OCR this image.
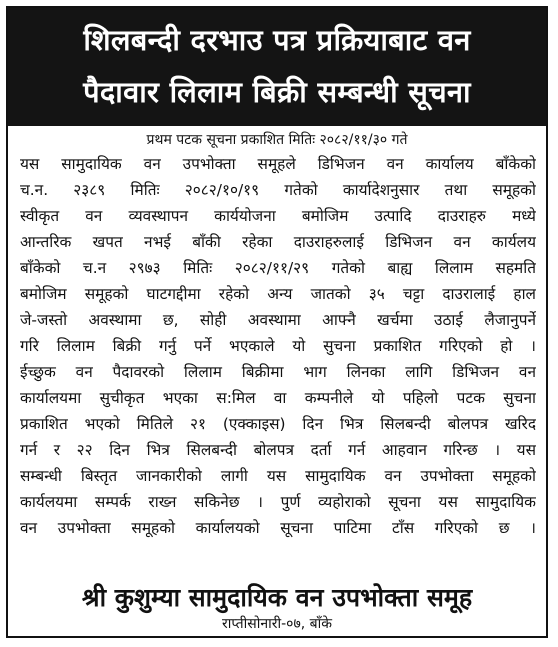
शिलबन्दी दरभाउ पत्र प्रक्रियाबाट वन
पैदावार लिलाम बिक्री सम्बन्धी सूचना
प्रथम पटक सूचना प्रकाशित मितिः २०८२/११/३० गते
यस सामुदायिक वन उपभोक्ता समूहले डिभिजन वन कार्यालय बाँकेको
च.न. २३८९ मितिः २०८२/१०/१९ गतेको कार्यादेशनुसार तथा समूहको
स्वीकृत वन व्यवस्थापन कार्ययोजना बमोजिम उत्पादि दाउराहरु मध्ये
आन्तरिक खपत नभई बाँकी रहेका दाउराहरुलाई डिभिजन वन कार्यलय
बाँकेको च.न २९७३ मितिः २०८२/११/२९ गतेको बाह्य लिलाम सहमति
बमोजिम समूहको घाटगद्दीमा रहेको अन्य जातको ३५ चट्टा दाउरालाई हाल
जे-जस्तो अवस्थामा छ, सोही अवस्थामा आफ्नै खर्चमा उठाई लैजानुपर्ने
गरि लिलाम बिक्री गर्नु पर्ने भएकाले यो सुचना प्रकाशित गरिएको हो ।
ईच्छुक वन पैदावरको लिलाम बिक्रीमा भाग लिनका लागि डिभिजन वन
कार्यालयमा सुचीकृत भएका स:मिल वा कम्पनीले यो पहिलो पटक सुचना
प्रकाशित भएको मितिले २१ (एक्काइस) दिन भित्र सिलबन्दी बोलपत्र खरिद
गर्न र २२ दिन भित्र सिलबन्दी बोलपत्र दर्ता गर्न आहवान गरिन्छ । यस
सम्बन्धी बिस्तृत जानकारीको लागी यस सामुदायिक वन उपभोक्ता समूहको
कार्यलयमा सम्पर्क राख्न सकिनेछ । पुर्ण व्यहोराको सूचना यस सामुदायिक
वन उपभोक्ता समूहको कार्यालयको सूचना पाटिमा टाँस गरिएको छ ।
श्री कुशुम्या सामुदायिक वन उपभोक्ता समूह
राप्तीसोनारी-०७, बाँके
